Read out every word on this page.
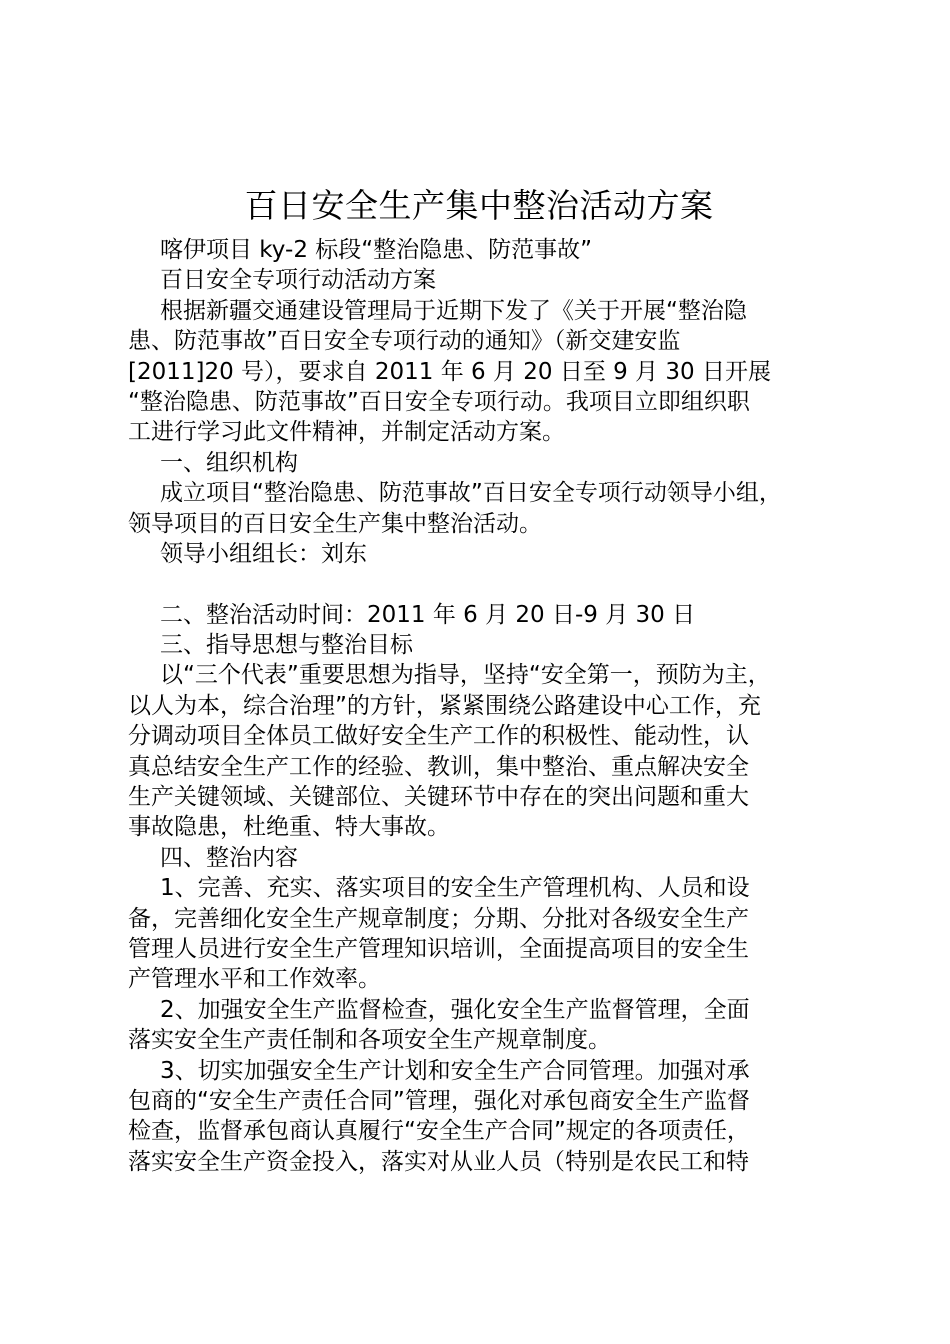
百日安全生产集中整治活动方案
喀伊项目 ky-2 标段“整治隐患、防范事故”
百日安全专项行动活动方案
根据新疆交通建设管理局于近期下发了《关于开展“整治隐
患、防范事故”百日安全专项行动的通知》（新交建安监
[2011]20 号），要求自 2011 年 6 月 20 日至 9 月 30 日开展
“整治隐患、防范事故”百日安全专项行动。我项目立即组织职
工进行学习此文件精神，并制定活动方案。
一、组织机构
成立项目“整治隐患、防范事故”百日安全专项行动领导小组，
领导项目的百日安全生产集中整治活动。
领导小组组长：刘东
二、整治活动时间：2011 年 6 月 20 日-9 月 30 日
三、指导思想与整治目标
以“三个代表”重要思想为指导，坚持“安全第一，预防为主，
以人为本，综合治理”的方针，紧紧围绕公路建设中心工作，充
分调动项目全体员工做好安全生产工作的积极性、能动性，认
真总结安全生产工作的经验、教训，集中整治、重点解决安全
生产关键领域、关键部位、关键环节中存在的突出问题和重大
事故隐患，杜绝重、特大事故。
四、整治内容
1、完善、充实、落实项目的安全生产管理机构、人员和设
备，完善细化安全生产规章制度；分期、分批对各级安全生产
管理人员进行安全生产管理知识培训，全面提高项目的安全生
产管理水平和工作效率。
2、加强安全生产监督检查，强化安全生产监督管理，全面
落实安全生产责任制和各项安全生产规章制度。
3、切实加强安全生产计划和安全生产合同管理。加强对承
包商的“安全生产责任合同”管理，强化对承包商安全生产监督
检查，监督承包商认真履行“安全生产合同”规定的各项责任，
落实安全生产资金投入，落实对从业人员（特别是农民工和特
